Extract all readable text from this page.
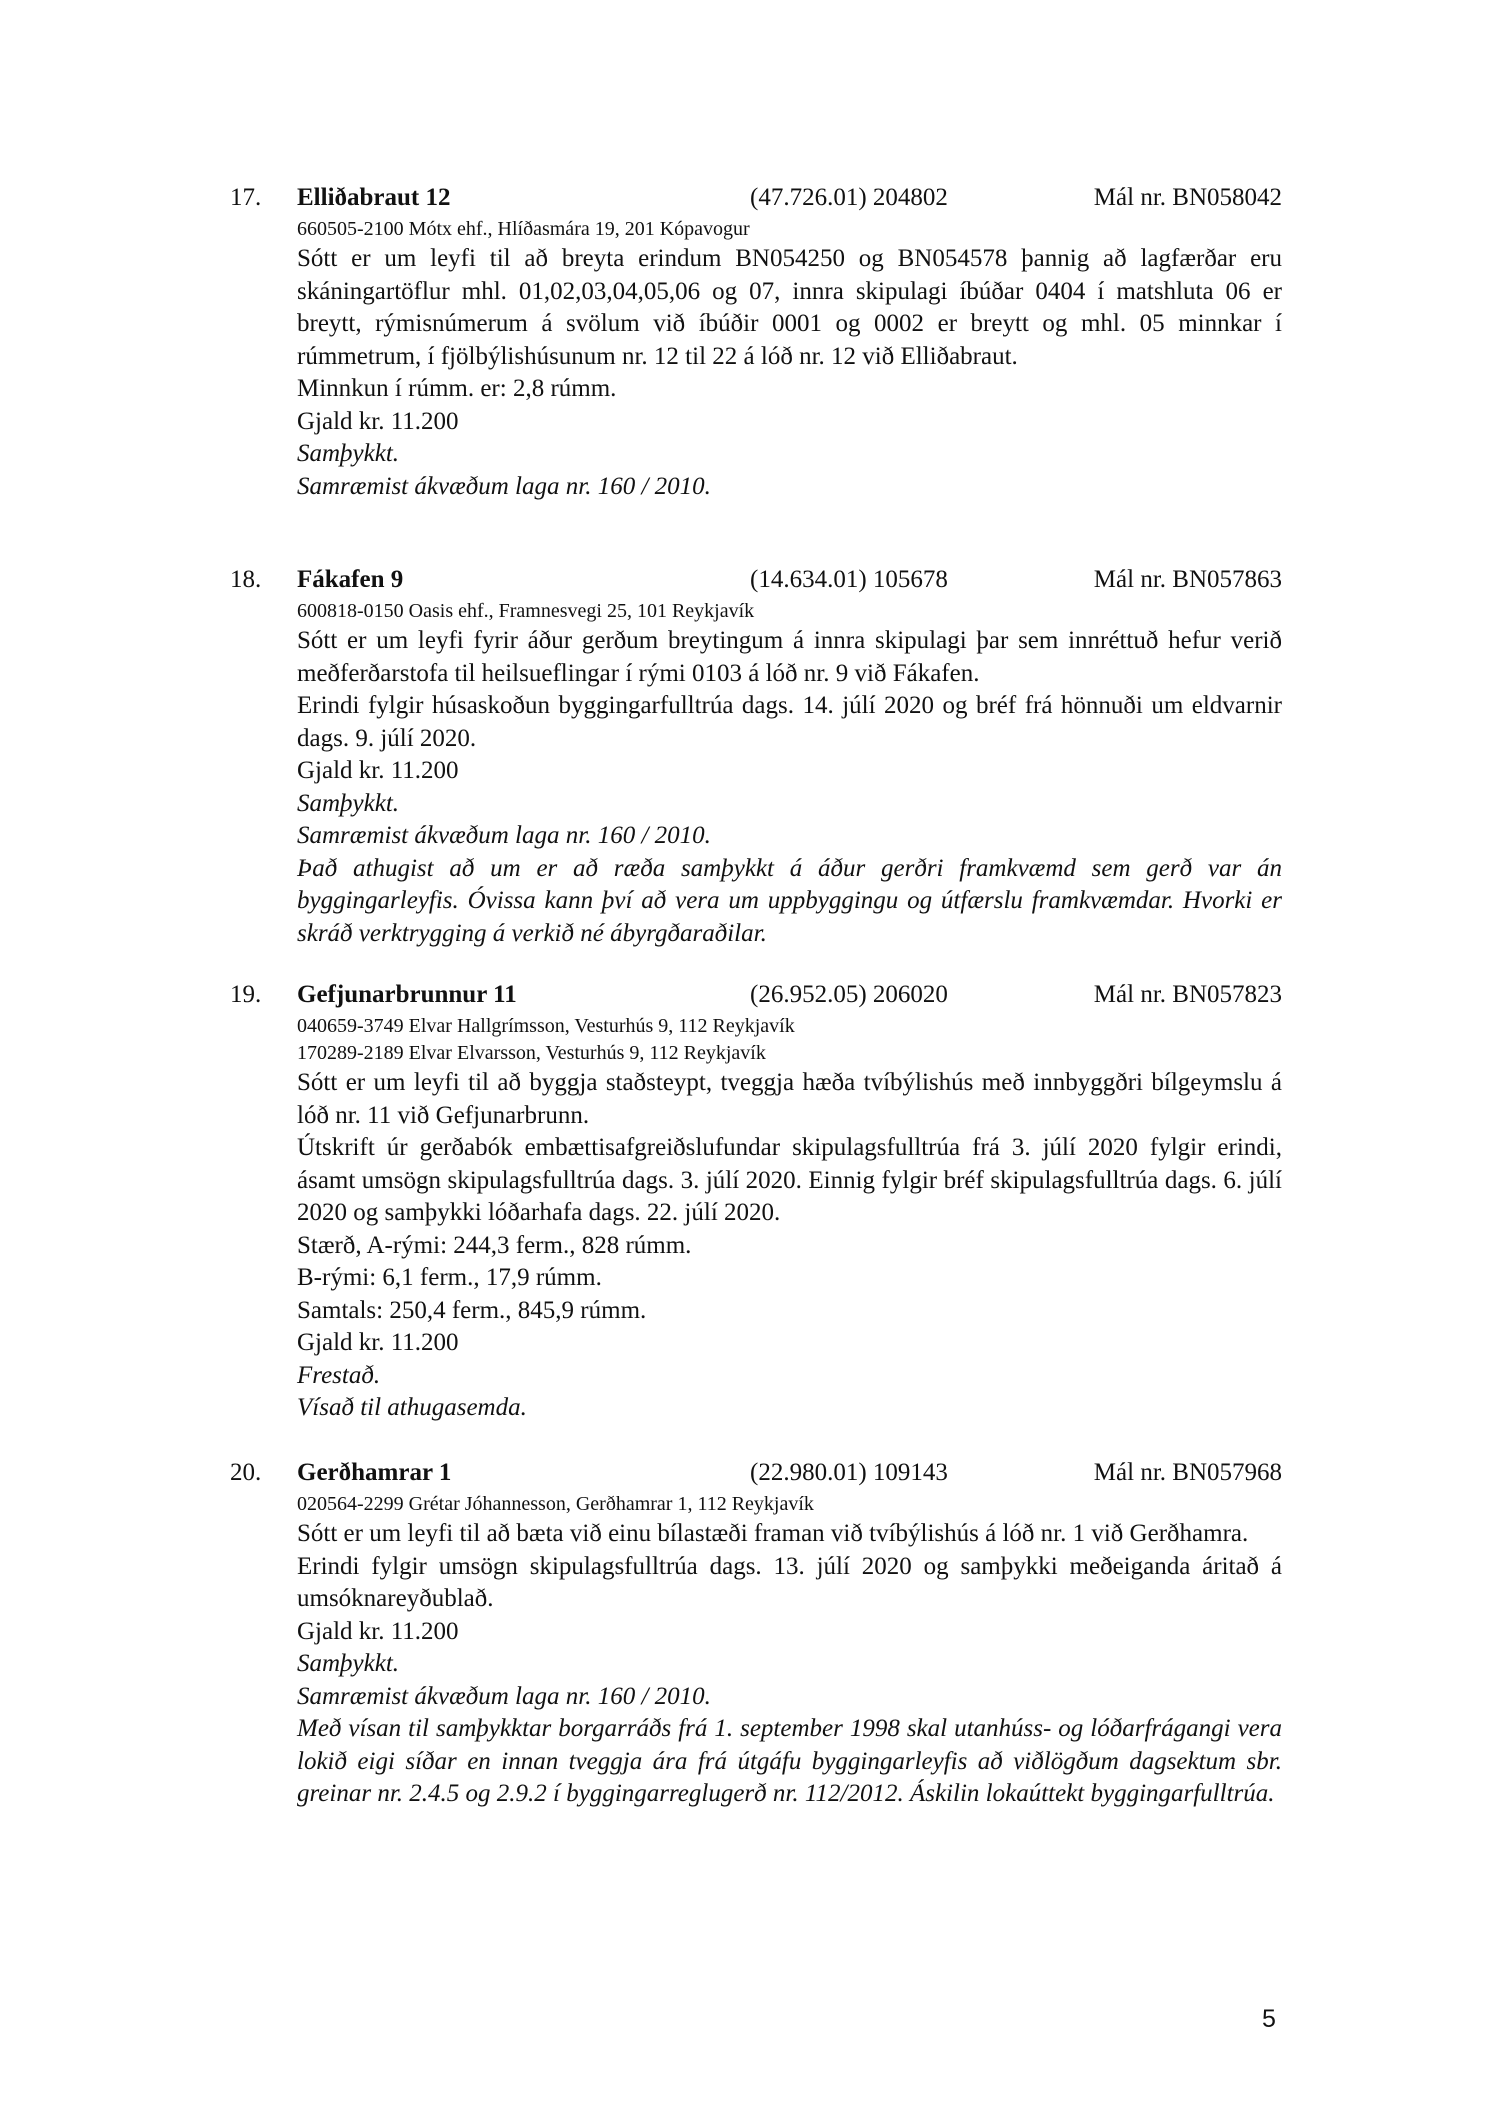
17. Elliðabraut 12	(47.726.01) 204802	Mál nr. BN058042
660505-2100 Mótx ehf., Hlíðasmára 19, 201 Kópavogur
Sótt er um leyfi til að breyta erindum BN054250 og BN054578 þannig að lagfærðar eru skáningartöflur mhl. 01,02,03,04,05,06 og 07, innra skipulagi íbúðar 0404 í matshluta 06 er breytt, rýmisnúmerum á svölum við íbúðir 0001 og 0002 er breytt og mhl. 05 minnkar í rúmmetrum, í fjölbýlishúsunum nr. 12 til 22 á lóð nr. 12 við Elliðabraut.
Minnkun í rúmm. er: 2,8 rúmm.
Gjald kr. 11.200
Samþykkt.
Samræmist ákvæðum laga nr. 160 / 2010.
18. Fákafen 9	(14.634.01) 105678	Mál nr. BN057863
600818-0150 Oasis ehf., Framnesvegi 25, 101 Reykjavík
Sótt er um leyfi fyrir áður gerðum breytingum á innra skipulagi þar sem innréttuð hefur verið meðferðarstofa til heilsueflingar í rými 0103 á lóð nr. 9 við Fákafen.
Erindi fylgir húsaskoðun byggingarfulltrúa dags. 14. júlí 2020 og bréf frá hönnuði um eldvarnir dags. 9. júlí 2020.
Gjald kr. 11.200
Samþykkt.
Samræmist ákvæðum laga nr. 160 / 2010.
Það athugist að um er að ræða samþykkt á áður gerðri framkvæmd sem gerð var án byggingarleyfis. Óvissa kann því að vera um uppbyggingu og útfærslu framkvæmdar. Hvorki er skráð verktrygging á verkið né ábyrgðaraðilar.
19. Gefjunarbrunnur 11	(26.952.05) 206020	Mál nr. BN057823
040659-3749 Elvar Hallgrímsson, Vesturhús 9, 112 Reykjavík
170289-2189 Elvar Elvarsson, Vesturhús 9, 112 Reykjavík
Sótt er um leyfi til að byggja staðsteypt, tveggja hæða tvíbýlishús með innbyggðri bílgeymslu á lóð nr. 11 við Gefjunarbrunn.
Útskrift úr gerðabók embættisafgreiðslufundar skipulagsfulltrúa frá 3. júlí 2020 fylgir erindi, ásamt umsögn skipulagsfulltrúa dags. 3. júlí 2020. Einnig fylgir bréf skipulagsfulltrúa dags. 6. júlí 2020 og samþykki lóðarhafa dags. 22. júlí 2020.
Stærð, A-rými: 244,3 ferm., 828 rúmm.
B-rými: 6,1 ferm., 17,9 rúmm.
Samtals: 250,4 ferm., 845,9 rúmm.
Gjald kr. 11.200
Frestað.
Vísað til athugasemda.
20. Gerðhamrar 1	(22.980.01) 109143	Mál nr. BN057968
020564-2299 Grétar Jóhannesson, Gerðhamrar 1, 112 Reykjavík
Sótt er um leyfi til að bæta við einu bílastæði framan við tvíbýlishús á lóð nr. 1 við Gerðhamra.
Erindi fylgir umsögn skipulagsfulltrúa dags. 13. júlí 2020 og samþykki meðeiganda áritað á umsóknareyðublað.
Gjald kr. 11.200
Samþykkt.
Samræmist ákvæðum laga nr. 160 / 2010.
Með vísan til samþykktar borgarráðs frá 1. september 1998 skal utanhúss- og lóðarfrágangi vera lokið eigi síðar en innan tveggja ára frá útgáfu byggingarleyfis að viðlögðum dagsektum sbr. greinar nr. 2.4.5 og 2.9.2 í byggingarreglugerð nr. 112/2012. Áskilin lokaúttekt byggingarfulltrúa.
5
